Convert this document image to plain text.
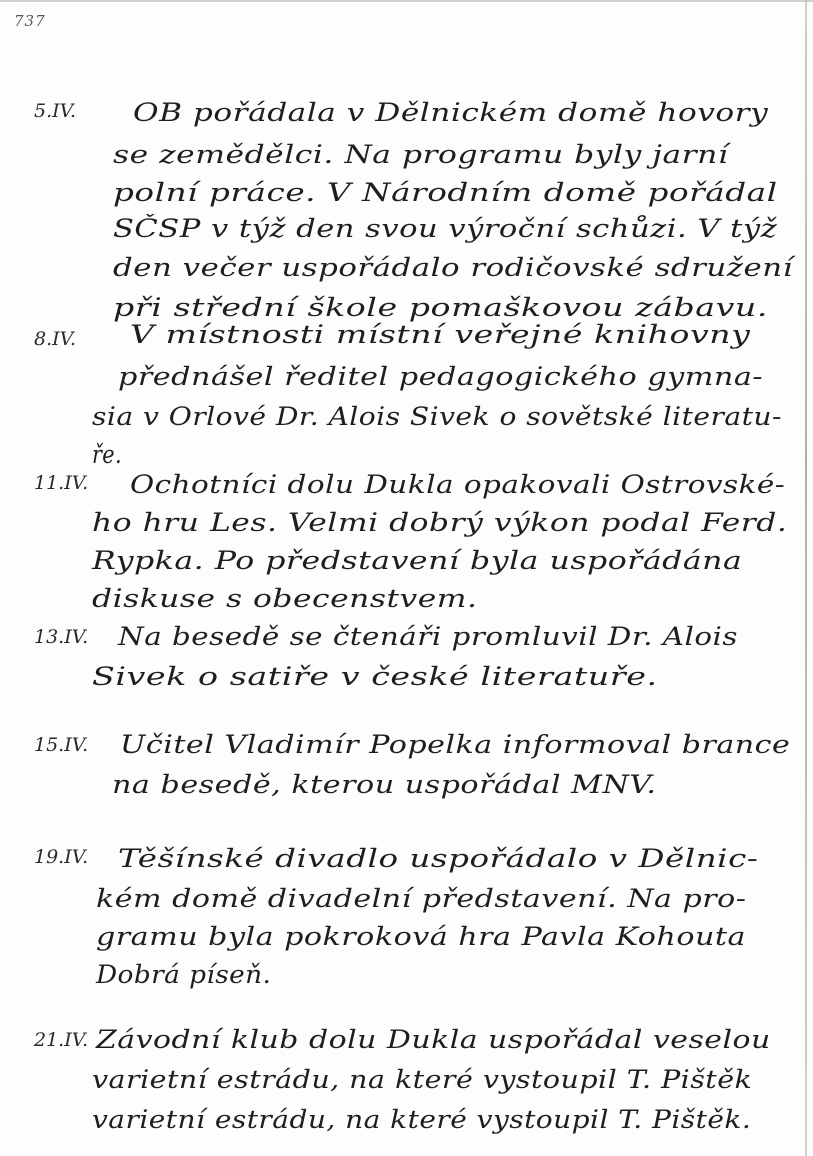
737
5.IV.	OB pořádala v Dělnickém domě hovory
se zemědělci. Na programu byly jarní
polní práce. V Národním domě pořádal
SČSP v týž den svou výroční schůzi. V týž
den večer uspořádalo rodičovské sdružení
při střední škole pomaškovou zábavu.
8.IV.	V místnosti místní veřejné knihovny
přednášel ředitel pedagogického gymna-
sia v Orlové Dr. Alois Sivek o sovětské literatu-
ře.
11.IV.	Ochotníci dolu Dukla opakovali Ostrovské-
ho hru Les. Velmi dobrý výkon podal Ferd.
Rypka. Po představení byla uspořádána
diskuse s obecenstvem.
13.IV.	Na besedě se čtenáři promluvil Dr. Alois
Sivek o satiře v české literatuře.
15.IV.	Učitel Vladimír Popelka informoval brance
na besedě, kterou uspořádal MNV.
19.IV.	Těšínské divadlo uspořádalo v Dělnic-
kém domě divadelní představení. Na pro-
gramu byla pokroková hra Pavla Kohouta
Dobrá píseň.
21.IV. Závodní klub dolu Dukla uspořádal veselou
varietní estrádu, na které vystoupil T. Pištěk
varietní estrádu, na které vystoupil T. Pištěk.
